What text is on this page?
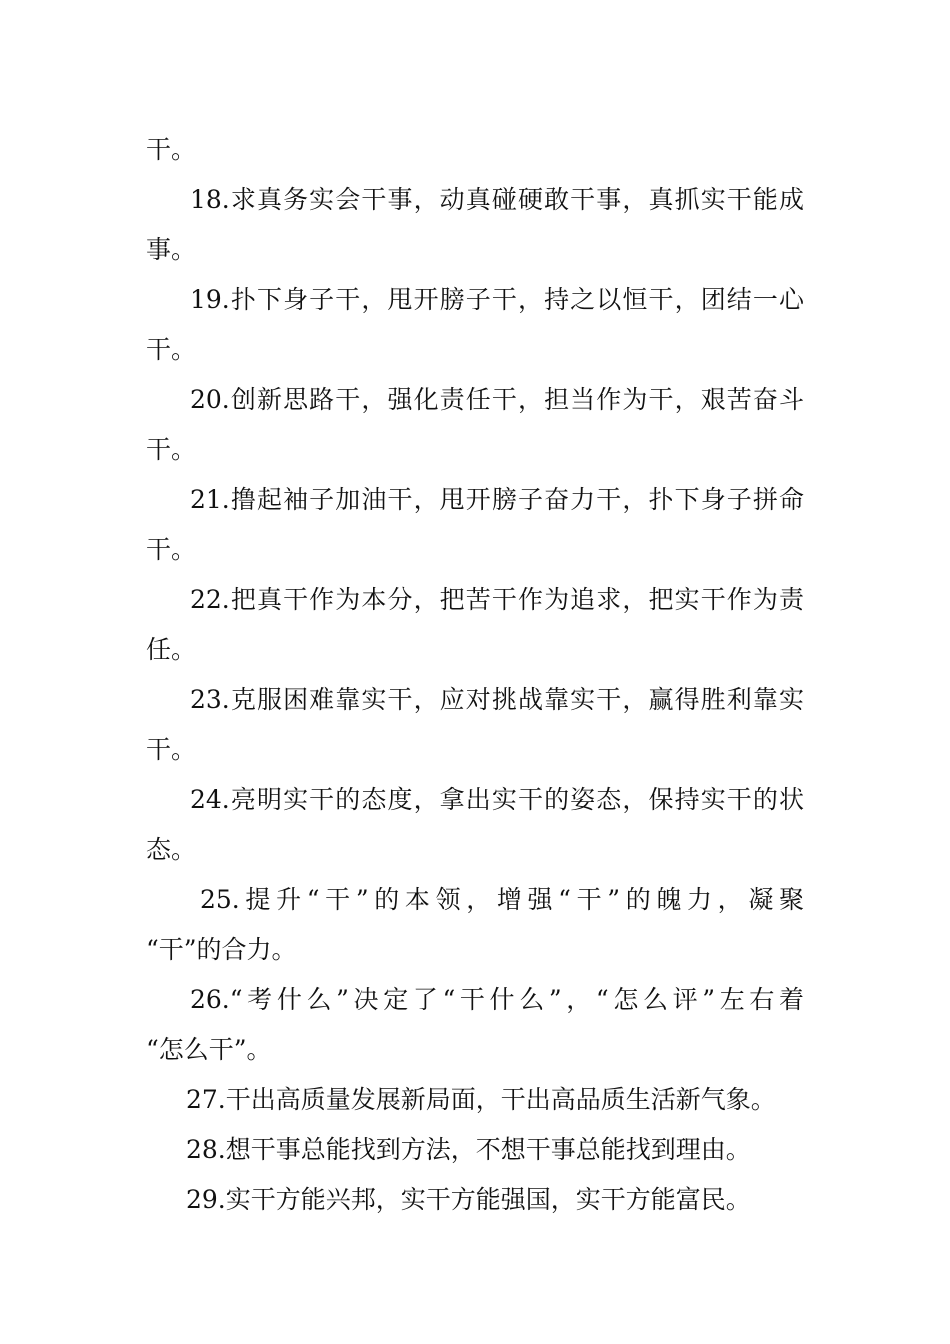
干。
18.求真务实会干事，动真碰硬敢干事，真抓实干能成
事。
19.扑下身子干，甩开膀子干，持之以恒干，团结一心
干。
20.创新思路干，强化责任干，担当作为干，艰苦奋斗
干。
21.撸起袖子加油干，甩开膀子奋力干，扑下身子拼命
干。
22.把真干作为本分，把苦干作为追求，把实干作为责
任。
23.克服困难靠实干，应对挑战靠实干，赢得胜利靠实
干。
24.亮明实干的态度，拿出实干的姿态，保持实干的状
态。
25.提升“干”的本领，增强“干”的魄力，凝聚
“干”的合力。
26.“考什么”决定了“干什么”，“怎么评”左右着
“怎么干”。
27.干出高质量发展新局面，干出高品质生活新气象。
28.想干事总能找到方法，不想干事总能找到理由。
29.实干方能兴邦，实干方能强国，实干方能富民。
